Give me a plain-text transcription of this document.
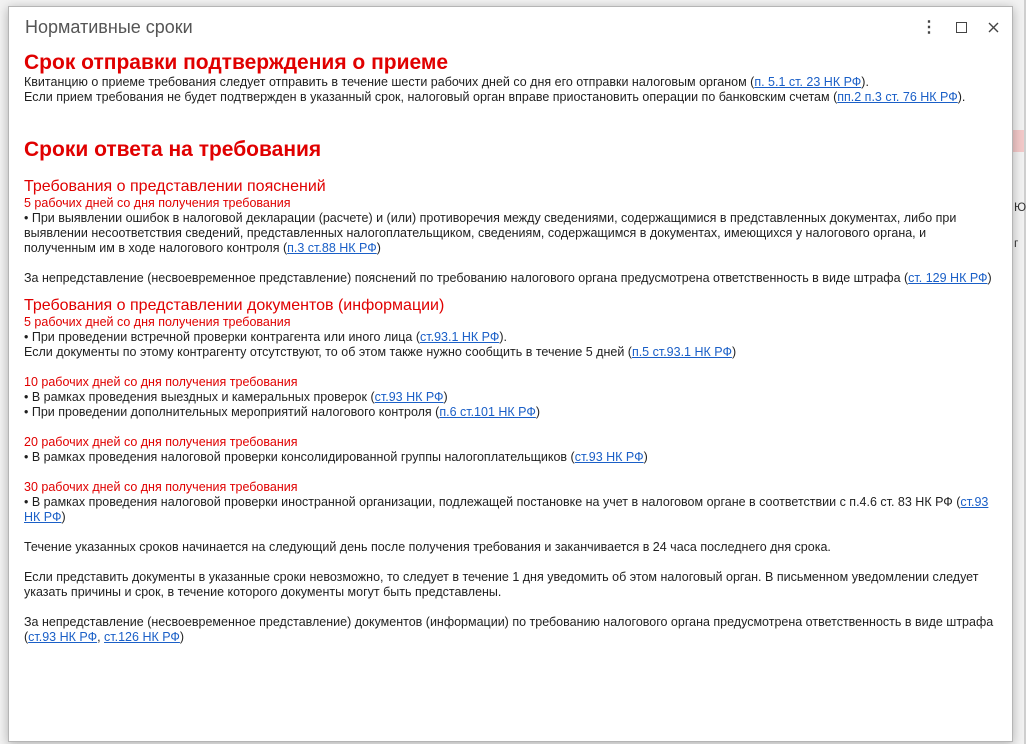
Ю
г
Нормативные сроки	⋮
Срок отправки подтверждения о приеме

Квитанцию о приеме требования следует отправить в течение шести рабочих дней со дня его отправки налоговым органом (п. 5.1 ст. 23 НК РФ).

Если прием требования не будет подтвержден в указанный срок, налоговый орган вправе приостановить операции по банковским счетам (пп.2 п.3 ст. 76 НК РФ).

Сроки ответа на требования
Требования о представлении пояснений
5 рабочих дней со дня получения требования

• При выявлении ошибок в налоговой декларации (расчете) и (или) противоречия между сведениями, содержащимися в представленных документах, либо при выявлении несоответствия сведений, представленных налогоплательщиком, сведениям, содержащимся в документах, имеющихся у налогового органа, и полученным им в ходе налогового контроля (п.3 ст.88 НК РФ)

За непредставление (несвоевременное представление) пояснений по требованию налогового органа предусмотрена ответственность в виде штрафа (ст. 129 НК РФ)

Требования о представлении документов (информации)
5 рабочих дней со дня получения требования

• При проведении встречной проверки контрагента или иного лица (ст.93.1 НК РФ).

Если документы по этому контрагенту отсутствуют, то об этом также нужно сообщить в течение 5 дней (п.5 ст.93.1 НК РФ)

10 рабочих дней со дня получения требования

• В рамках проведения выездных и камеральных проверок (ст.93 НК РФ)

• При проведении дополнительных мероприятий налогового контроля (п.6 ст.101 НК РФ)

20 рабочих дней со дня получения требования

• В рамках проведения налоговой проверки консолидированной группы налогоплательщиков (ст.93 НК РФ)

30 рабочих дней со дня получения требования

• В рамках проведения налоговой проверки иностранной организации, подлежащей постановке на учет в налоговом органе в соответствии с п.4.6 ст. 83 НК РФ (ст.93 НК РФ)

Течение указанных сроков начинается на следующий день после получения требования и заканчивается в 24 часа последнего дня срока.

Если представить документы в указанные сроки невозможно, то следует в течение 1 дня уведомить об этом налоговый орган. В письменном уведомлении следует указать причины и срок, в течение которого документы могут быть представлены.

За непредставление (несвоевременное представление) документов (информации) по требованию налогового органа предусмотрена ответственность в виде штрафа (ст.93 НК РФ, ст.126 НК РФ)
